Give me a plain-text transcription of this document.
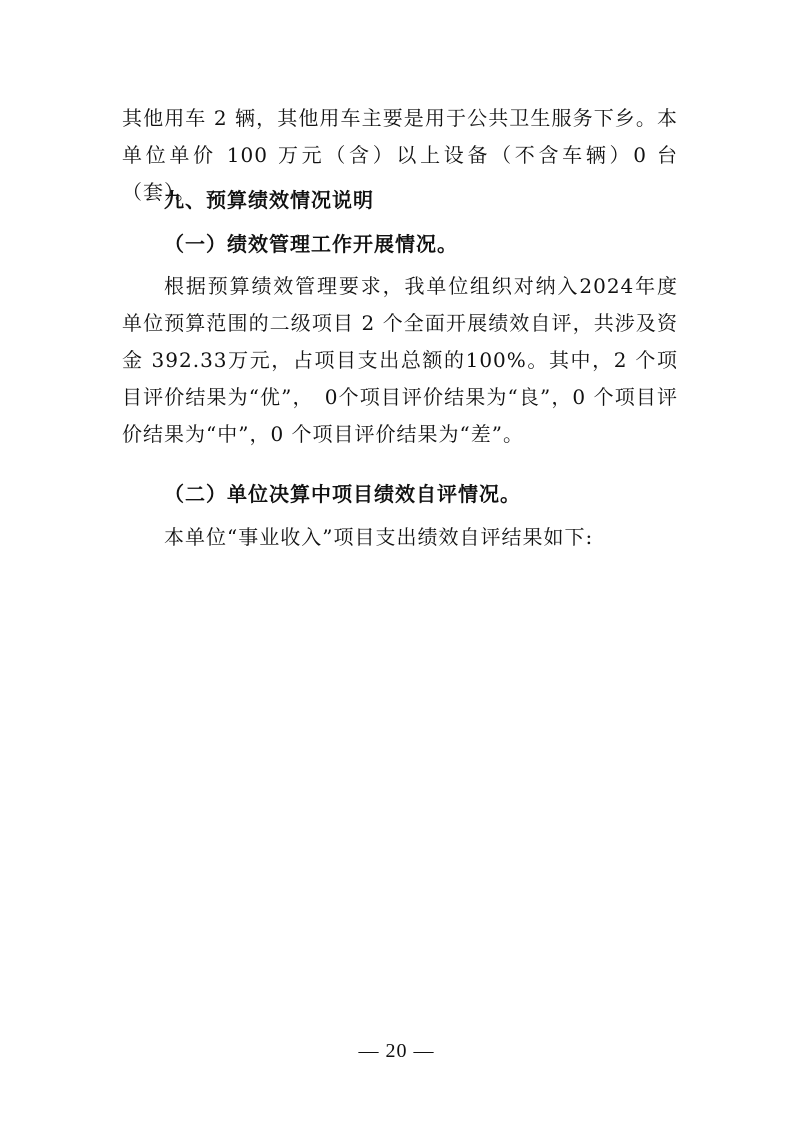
其他用车 2 辆，其他用车主要是用于公共卫生服务下乡。本单位单价 100 万元（含）以上设备（不含车辆）0 台（套）。

九、预算绩效情况说明
（一）绩效管理工作开展情况。

根据预算绩效管理要求，我单位组织对纳入2024年度单位预算范围的二级项目 2 个全面开展绩效自评，共涉及资金 392.33万元，占项目支出总额的100%。其中，2 个项目评价结果为“优”，　0个项目评价结果为“良”，0 个项目评价结果为“中”，0 个项目评价结果为“差”。

（二）单位决算中项目绩效自评情况。

本单位“事业收入”项目支出绩效自评结果如下:

— 20 —
